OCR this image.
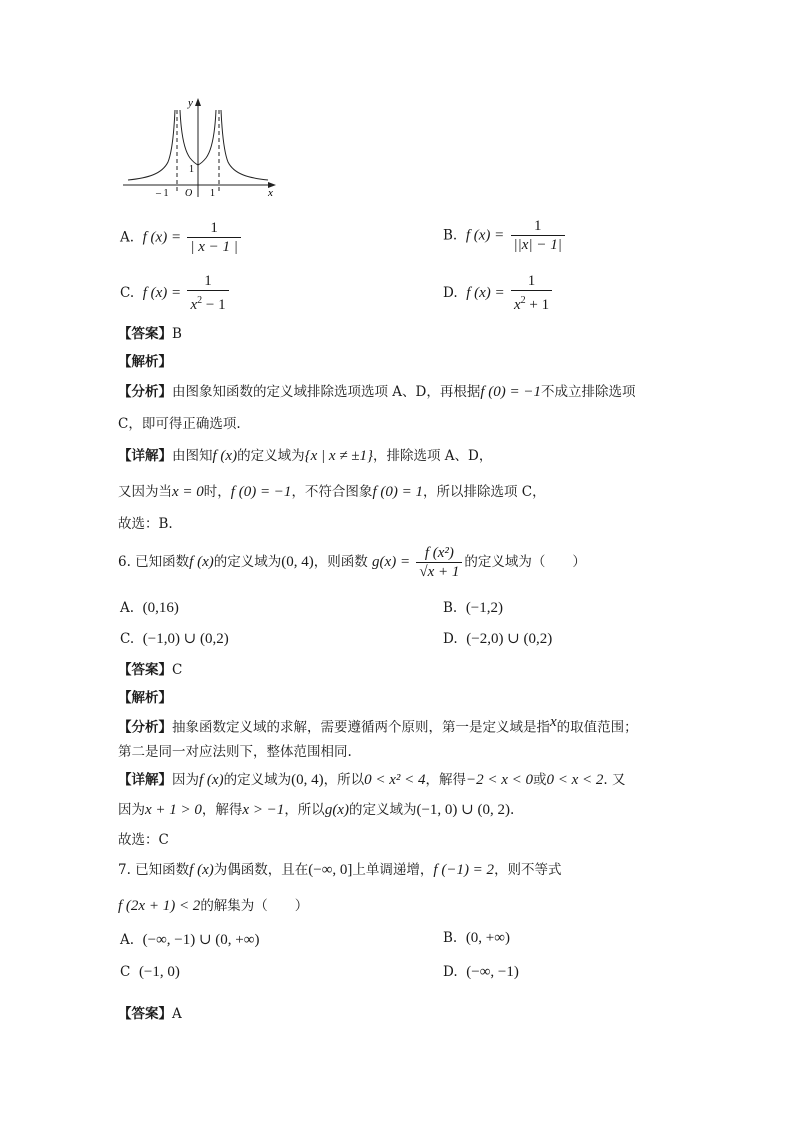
y
x
1
– 1 O 1
A. f $(x) = \frac{1}{| x - 1 |}$	B. f $(x) = \frac{1}{||x| - 1|}$
C. f $(x) = \frac{1}{x^2 - 1}$	D. f $(x) = \frac{1}{x^2 + 1}$
【答案】B
【解析】
【分析】由图象知函数的定义域排除选项选项 A、D，再根据f (0) = −1不成立排除选项
C，即可得正确选项.
【详解】由图知f (x)的定义域为{x | x ≠ ±1}，排除选项 A、D，
又因为当x = 0时，f (0) = −1，不符合图象f (0) = 1，所以排除选项 C，
故选：B.
6. 已知函数f (x)的定义域为(0, 4)，则函数 $g(x) = \frac{\text{f (x²)}}{√x + 1}$ 的定义域为（　　）
A. (0,16)	B. (−1,2)
C. (−1,0) ∪ (0,2)	D. (−2,0) ∪ (0,2)
【答案】C
【解析】
【分析】抽象函数定义域的求解，需要遵循两个原则，第一是定义域是指$^x$的取值范围；
第二是同一对应法则下，整体范围相同.
【详解】因为f (x)的定义域为(0, 4)，所以0 < x² < 4，解得−2 < x < 0或0 < x < 2. 又
因为x + 1 > 0，解得x > −1，所以g(x)的定义域为(−1, 0) ∪ (0, 2).
故选：C
7. 已知函数f (x)为偶函数，且在(−∞, 0]上单调递增，f (−1) = 2，则不等式
f (2x + 1) < 2的解集为（　　）
A. (−∞, −1) ∪ (0, +∞)	B. (0, +∞)
C (−1, 0)	D. (−∞, −1)
【答案】A
